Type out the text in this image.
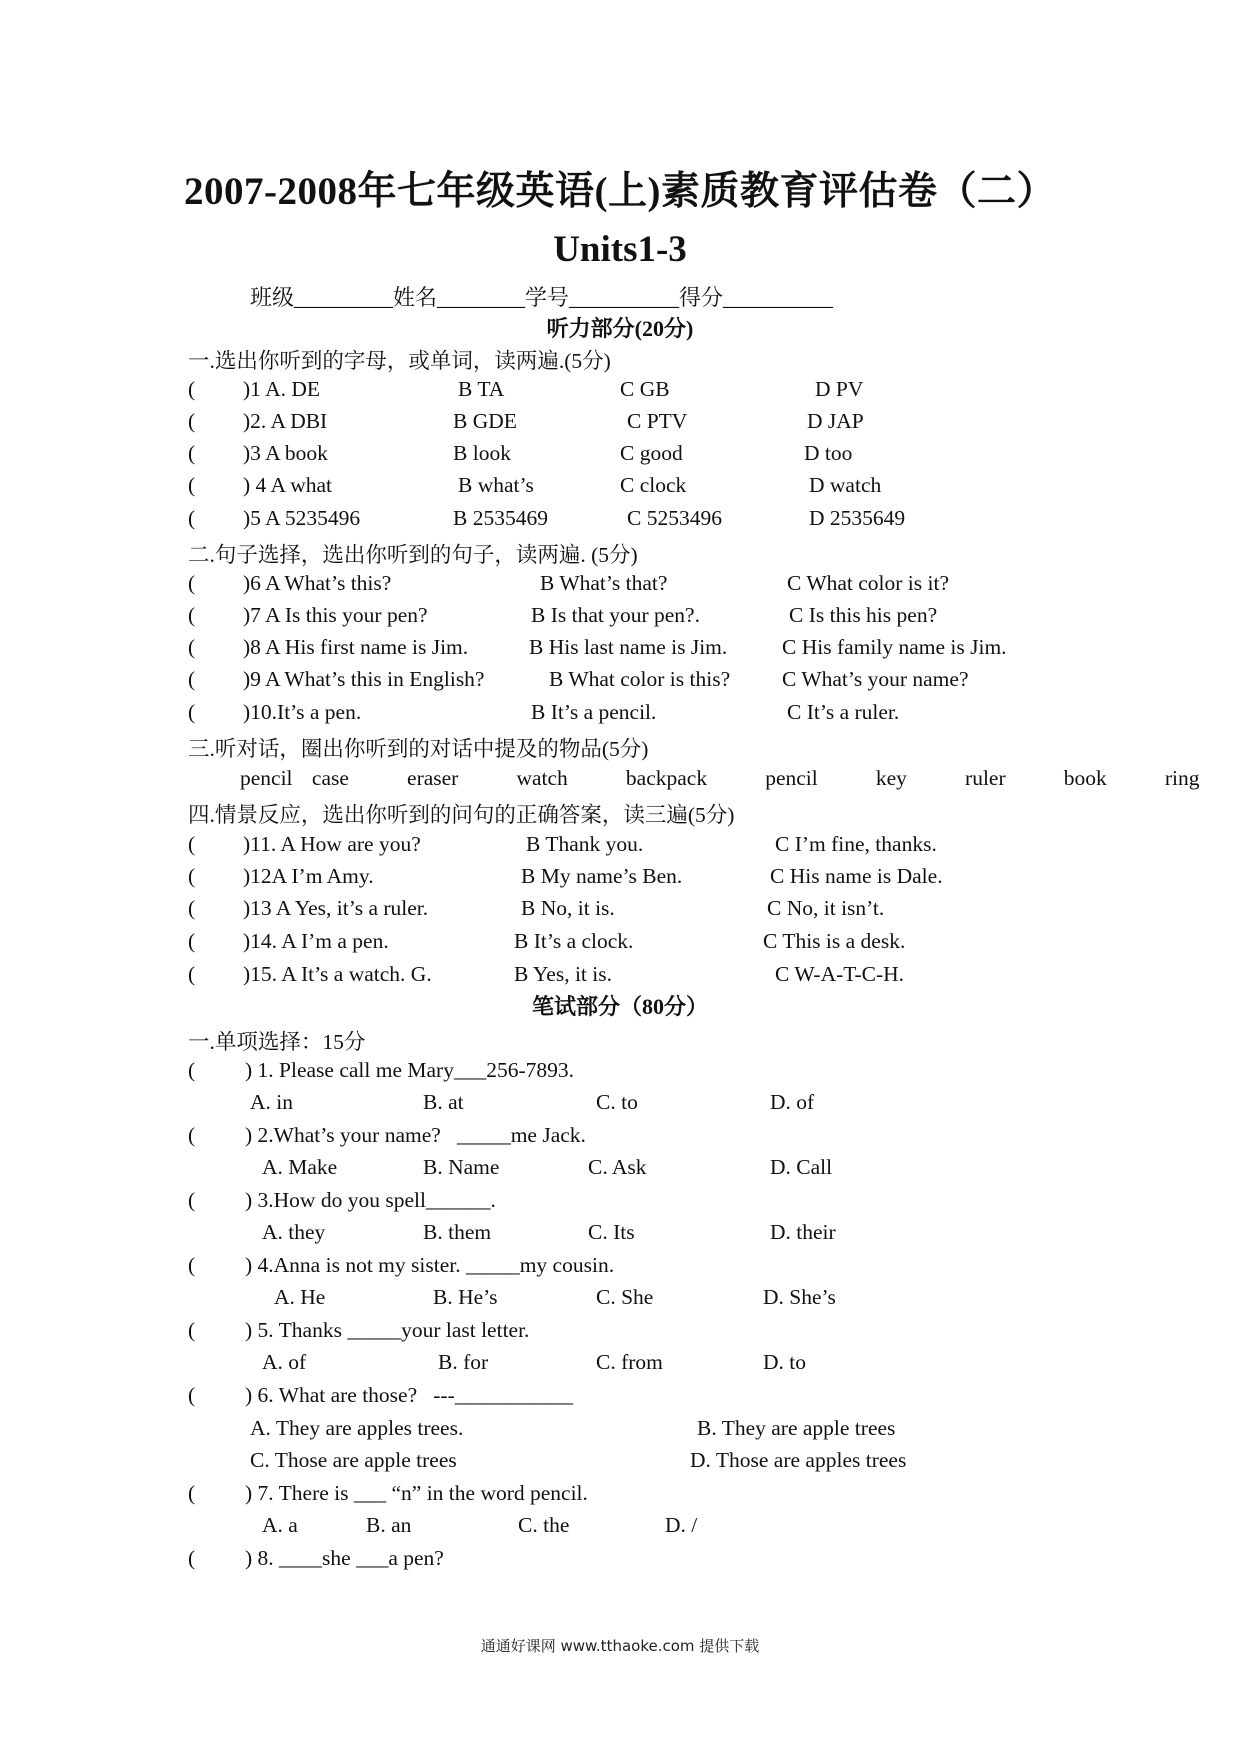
2007-2008年七年级英语(上)素质教育评估卷（二）
Units1-3
班级_________姓名________学号__________得分__________
听力部分(20分)
一.选出你听到的字母，或单词，读两遍.(5分)

(

)1 A. DE

	B TA

	C GB

	D PV

(

)2. A DBI

	B GDE

	C PTV

	D JAP

(

)3 A book

	B look

	C good

	D too

(

) 4 A what

	B what’s

	C clock

	D watch

(

)5 A 5235496

	B 2535469

	C 5253496

	D 2535649

二.句子选择，选出你听到的句子，读两遍. (5分)

(

)6 A What’s this?

	B What’s that?

	C What color is it?

(

)7 A Is this your pen?

	B Is that your pen?.

	C Is this his pen?

(

)8 A His first name is Jim.

	B His last name is Jim.

	C His family name is Jim.

(

)9 A What’s this in English?

	B What color is this?

C What’s your name?

(

)10.It’s a pen.

	B It’s a pencil.

	C It’s a ruler.

三.听对话，圈出你听到的对话中提及的物品(5分)
pencil case   eraser   watch   backpack   pencil   key   ruler   book   ring
四.情景反应，选出你听到的问句的正确答案，读三遍(5分)

(

)11. A How are you?

	B Thank you.

	C I’m fine, thanks.

(

)12A I’m Amy.

	B My name’s Ben.

	C His name is Dale.

(

)13 A Yes, it’s a ruler.

	B No, it is.

	C No, it isn’t.

(

)14. A I’m a pen.

	B It’s a clock.

	C This is a desk.

(

)15. A It’s a watch. G.

	B Yes, it is.

	C W-A-T-C-H.

笔试部分（80分）
一.单项选择：15分

(

) 1. Please call me Mary___256-7893.

A. in

	B. at

	C. to

	D. of

(

) 2.What’s your name?   _____me Jack.

A. Make

	B. Name

	C. Ask

	D. Call

(

) 3.How do you spell______.

A. they

	B. them

	C. Its

	D. their

(

) 4.Anna is not my sister. _____my cousin.

A. He

	B. He’s

	C. She

	D. She’s

(

) 5. Thanks _____your last letter.

A. of

	B. for

	C. from

	D. to

(

) 6. What are those?   ---___________

A. They are apples trees.

	B. They are apple trees

C. Those are apple trees

	D. Those are apples trees

(

) 7. There is ___ “n” in the word pencil.

A. a

	B. an

	C. the

	D. /

(

) 8. ____she ___a pen?

通通好课网 www.tthaoke.com 提供下载
